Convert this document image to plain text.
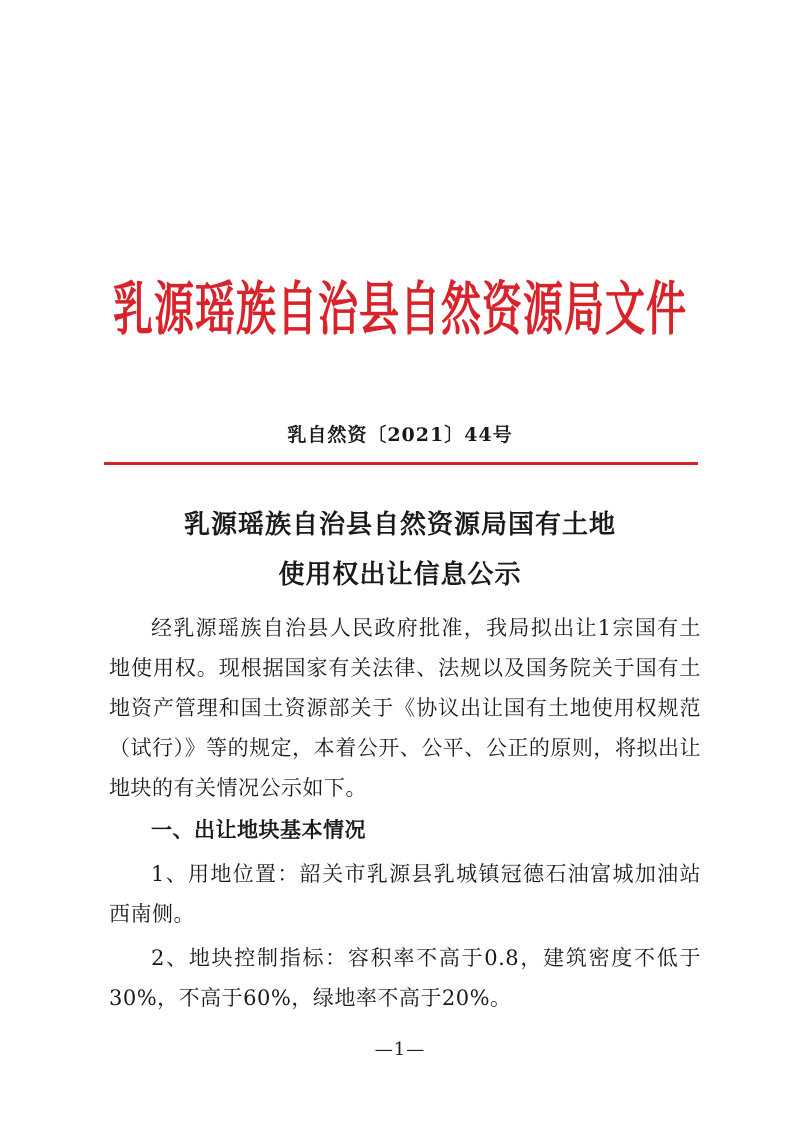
乳源瑶族自治县自然资源局文件
乳自然资〔2021〕44号
乳源瑶族自治县自然资源局国有土地
使用权出让信息公示

经乳源瑶族自治县人民政府批准，我局拟出让1宗国有土地使用权。现根据国家有关法律、法规以及国务院关于国有土地资产管理和国土资源部关于《协议出让国有土地使用权规范（试行）》等的规定，本着公开、公平、公正的原则，将拟出让地块的有关情况公示如下。

一、出让地块基本情况

1、用地位置：韶关市乳源县乳城镇冠德石油富城加油站西南侧。

2、地块控制指标：容积率不高于0.8，建筑密度不低于30%，不高于60%，绿地率不高于20%。

—1—
